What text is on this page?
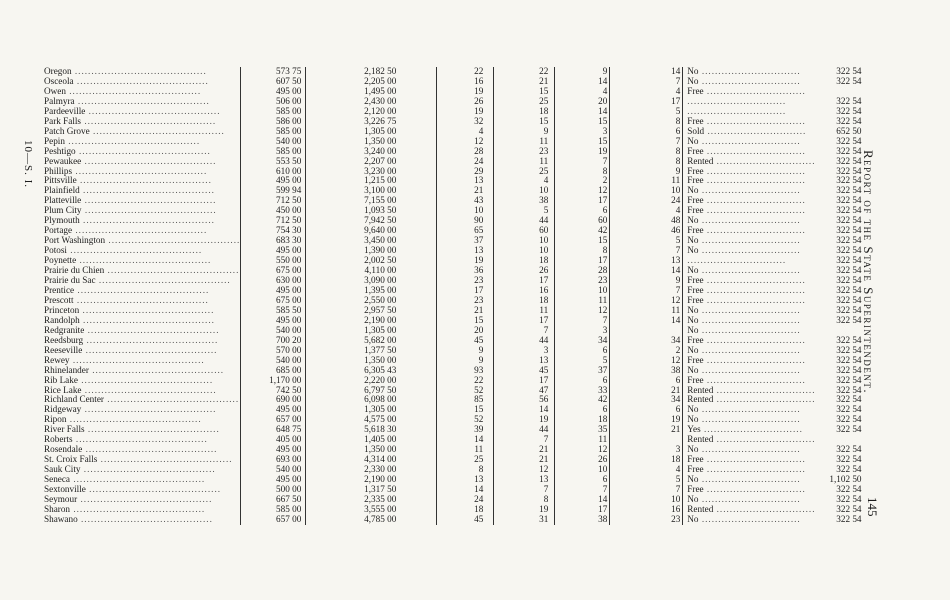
10—S. I.	Report of the State Superintendent.
145
Oregon ........................................	573 75	2,182 50	22	22	9	14	No ..............................	322 54
Osceola ........................................	607 50	2,205 00	16	21	14	7	No ..............................	322 54
Owen ........................................	495 00	1,495 00	19	15	4	4	Free ..............................	
Palmyra ........................................	506 00	2,430 00	26	25	20	17	..............................	322 54
Pardeeville ........................................	585 00	2,120 00	19	18	14	5	..............................	322 54
Park Falls ........................................	586 00	3,226 75	32	15	15	8	Free ..............................	322 54
Patch Grove ........................................	585 00	1,305 00	4	9	3	6	Sold ..............................	652 50
Pepin ........................................	540 00	1,350 00	12	11	15	7	No ..............................	322 54
Peshtigo ........................................	585 00	3,240 00	28	23	19	8	Free ..............................	322 54
Pewaukee ........................................	553 50	2,207 00	24	11	7	8	Rented ..............................	322 54
Phillips ........................................	610 00	3,230 00	29	25	8	9	Free ..............................	322 54
Pittsville ........................................	495 00	1,215 00	13	4	2	11	Free ..............................	322 54
Plainfield ........................................	599 94	3,100 00	21	10	12	10	No ..............................	322 54
Platteville ........................................	712 50	7,155 00	43	38	17	24	Free ..............................	322 54
Plum City ........................................	450 00	1,093 50	10	5	6	4	Free ..............................	322 54
Plymouth ........................................	712 50	7,942 50	90	44	60	48	No ..............................	322 54
Portage ........................................	754 30	9,640 00	65	60	42	46	Free ..............................	322 54
Port Washington ........................................	683 30	3,450 00	37	10	15	5	No ..............................	322 54
Potosi ........................................	495 00	1,390 00	13	10	8	7	No ..............................	322 54
Poynette ........................................	550 00	2,002 50	19	18	17	13	..............................	322 54
Prairie du Chien ........................................	675 00	4,110 00	36	26	28	14	No ..............................	322 54
Prairie du Sac ........................................	630 00	3,090 00	23	17	23	9	Free ..............................	322 54
Prentice ........................................	495 00	1,395 00	17	16	10	7	Free ..............................	322 54
Prescott ........................................	675 00	2,550 00	23	18	11	12	Free ..............................	322 54
Princeton ........................................	585 50	2,957 50	21	11	12	11	No ..............................	322 54
Randolph ........................................	495 00	2,190 00	15	17	7	14	No ..............................	322 54
Redgranite ........................................	540 00	1,305 00	20	7	3		No ..............................	
Reedsburg ........................................	700 20	5,682 00	45	44	34	34	Free ..............................	322 54
Reeseville ........................................	570 00	1,377 50	9	3	6	2	No ..............................	322 54
Rewey ........................................	540 00	1,350 00	9	13	5	12	Free ..............................	322 54
Rhinelander ........................................	685 00	6,305 43	93	45	37	38	No ..............................	322 54
Rib Lake ........................................	1,170 00	2,220 00	22	17	6	6	Free ..............................	322 54
Rice Lake ........................................	742 50	6,797 50	52	47	33	21	Rented ..............................	322 54
Richland Center ........................................	690 00	6,098 00	85	56	42	34	Rented ..............................	322 54
Ridgeway ........................................	495 00	1,305 00	15	14	6	6	No ..............................	322 54
Ripon ........................................	657 00	4,575 00	52	19	18	19	No ..............................	322 54
River Falls ........................................	648 75	5,618 30	39	44	35	21	Yes ..............................	322 54
Roberts ........................................	405 00	1,405 00	14	7	11		Rented ..............................	
Rosendale ........................................	495 00	1,350 00	11	21	12	3	No ..............................	322 54
St. Croix Falls ........................................	693 00	4,314 00	25	21	26	18	Free ..............................	322 54
Sauk City ........................................	540 00	2,330 00	8	12	10	4	Free ..............................	322 54
Seneca ........................................	495 00	2,190 00	13	13	6	5	No ..............................	1,102 50
Sextonville ........................................	500 00	1,317 50	14	7	7	7	Free ..............................	322 54
Seymour ........................................	667 50	2,335 00	24	8	14	10	No ..............................	322 54
Sharon ........................................	585 00	3,555 00	18	19	17	16	Rented ..............................	322 54
Shawano ........................................	657 00	4,785 00	45	31	38	23	No ..............................	322 54
